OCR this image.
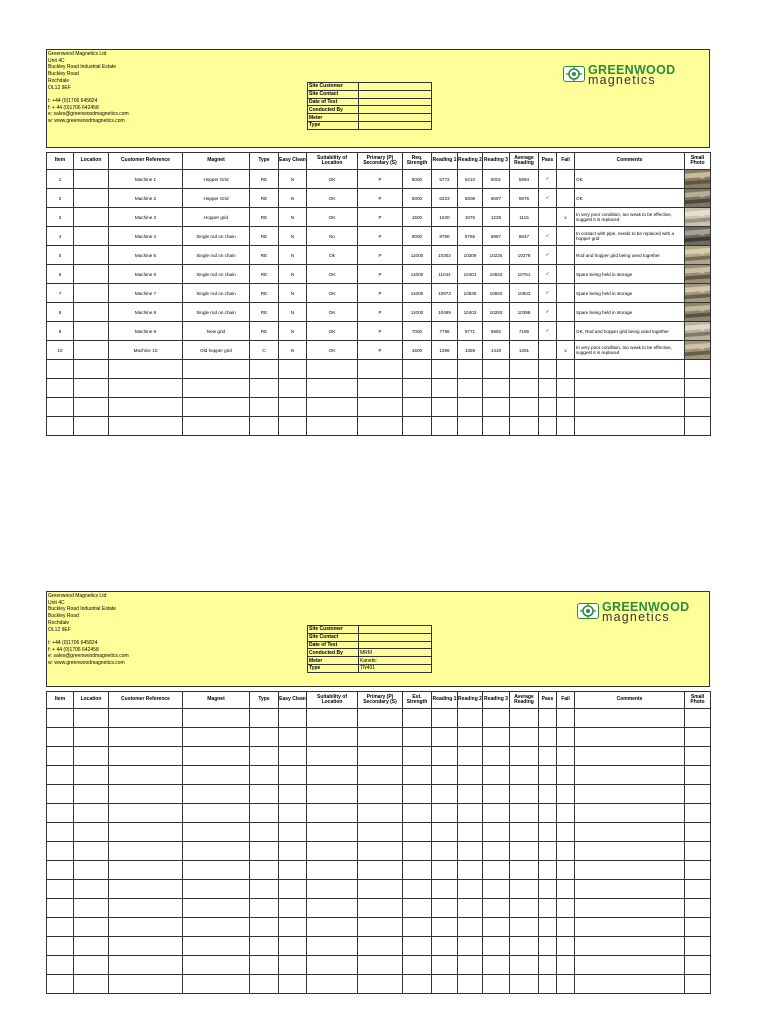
Greenwood Magnetics Ltd
Unit 4C
Buckley Road Industrial Estate
Buckley Road
Rochdale
OL12 9EF
t: +44 (0)1706 645824
f: + 44 (0)1706 642458
e: sales@greenwoodmagnetics.com
w: www.greenwoodmagnetics.com
Site Customer	
Site Contact	
Date of Test	
Conducted By	
Meter	
Type	
GREENWOOD
magnetics
Item	Location	Customer Reference	Magnet	Type	Easy Clean	Suitability of Location	Primary (P) Secondary (S)	Req. Strength	Reading 1	Reading 2	Reading 3	Average Reading	Pass	Fail	Comments	Small Photo
1		Machine 1	Hopper Grid	RE	N	OK	P	6000	5772	6210	6001	5994	✓		OK	

2		Machine 2	Hopper Grid	RE	N	OK	P	6000	6223	5608	6097	5976	✓		OK	

3		Machine 3	Hopper grid	RE	N	OK	P	1500	1040	1076	1229	1115		x	In very poor condition, too weak to be effective, suggest it is replaced	

4		Machine 4	Single rod on chain	RE	N	No	P	9000	8790	8765	8987	8847	✓		In contact with pipe, needs to be replaced with a hopper grid	

5		Machine 5	Single rod on chain	RE	N	Ok	P	11000	10302	10309	10225	10278	✓		Rod and hopper grid being used together	

6		Machine 6	Single rod on chain	RE	N	OK	P	11000	11044	10401	10840	10761	✓		Spare being held in storage	

7		Machine 7	Single rod on chain	RE	N	OK	P	11000	10973	10836	10692	10833	✓		Spare being held in storage	

8		Machine 8	Single rod on chain	RE	N	OK	P	11000	10499	10403	10293	10398	✓		Spare being held in storage	

9		Machine 9	New grid	RE	N	OK	P	7000	7796	6771	6992	7186	✓		OK, Rod and hopper grid being used together	

10		Machine 10	Old hopper grid	C	N	OK	P	1500	1396	1359	1418	1391		x	In very poor condition, too weak to be effective, suggest it is replaced	

Greenwood Magnetics Ltd
Unit 4C
Buckley Road Industrial Estate
Buckley Road
Rochdale
OL12 9EF
t: +44 (0)1706 645824
f: + 44 (0)1706 642458
e: sales@greenwoodmagnetics.com
w: www.greenwoodmagnetics.com
Site Customer	
Site Contact	
Date of Test	
Conducted By	MRM
Meter	Kanetic
Type	TN401
GREENWOOD
magnetics
Item	Location	Customer Reference	Magnet	Type	Easy Clean	Suitability of Location	Primary (P) Secondary (S)	Est. Strength	Reading 1	Reading 2	Reading 3	Average Reading	Pass	Fail	Comments	Small Photo
